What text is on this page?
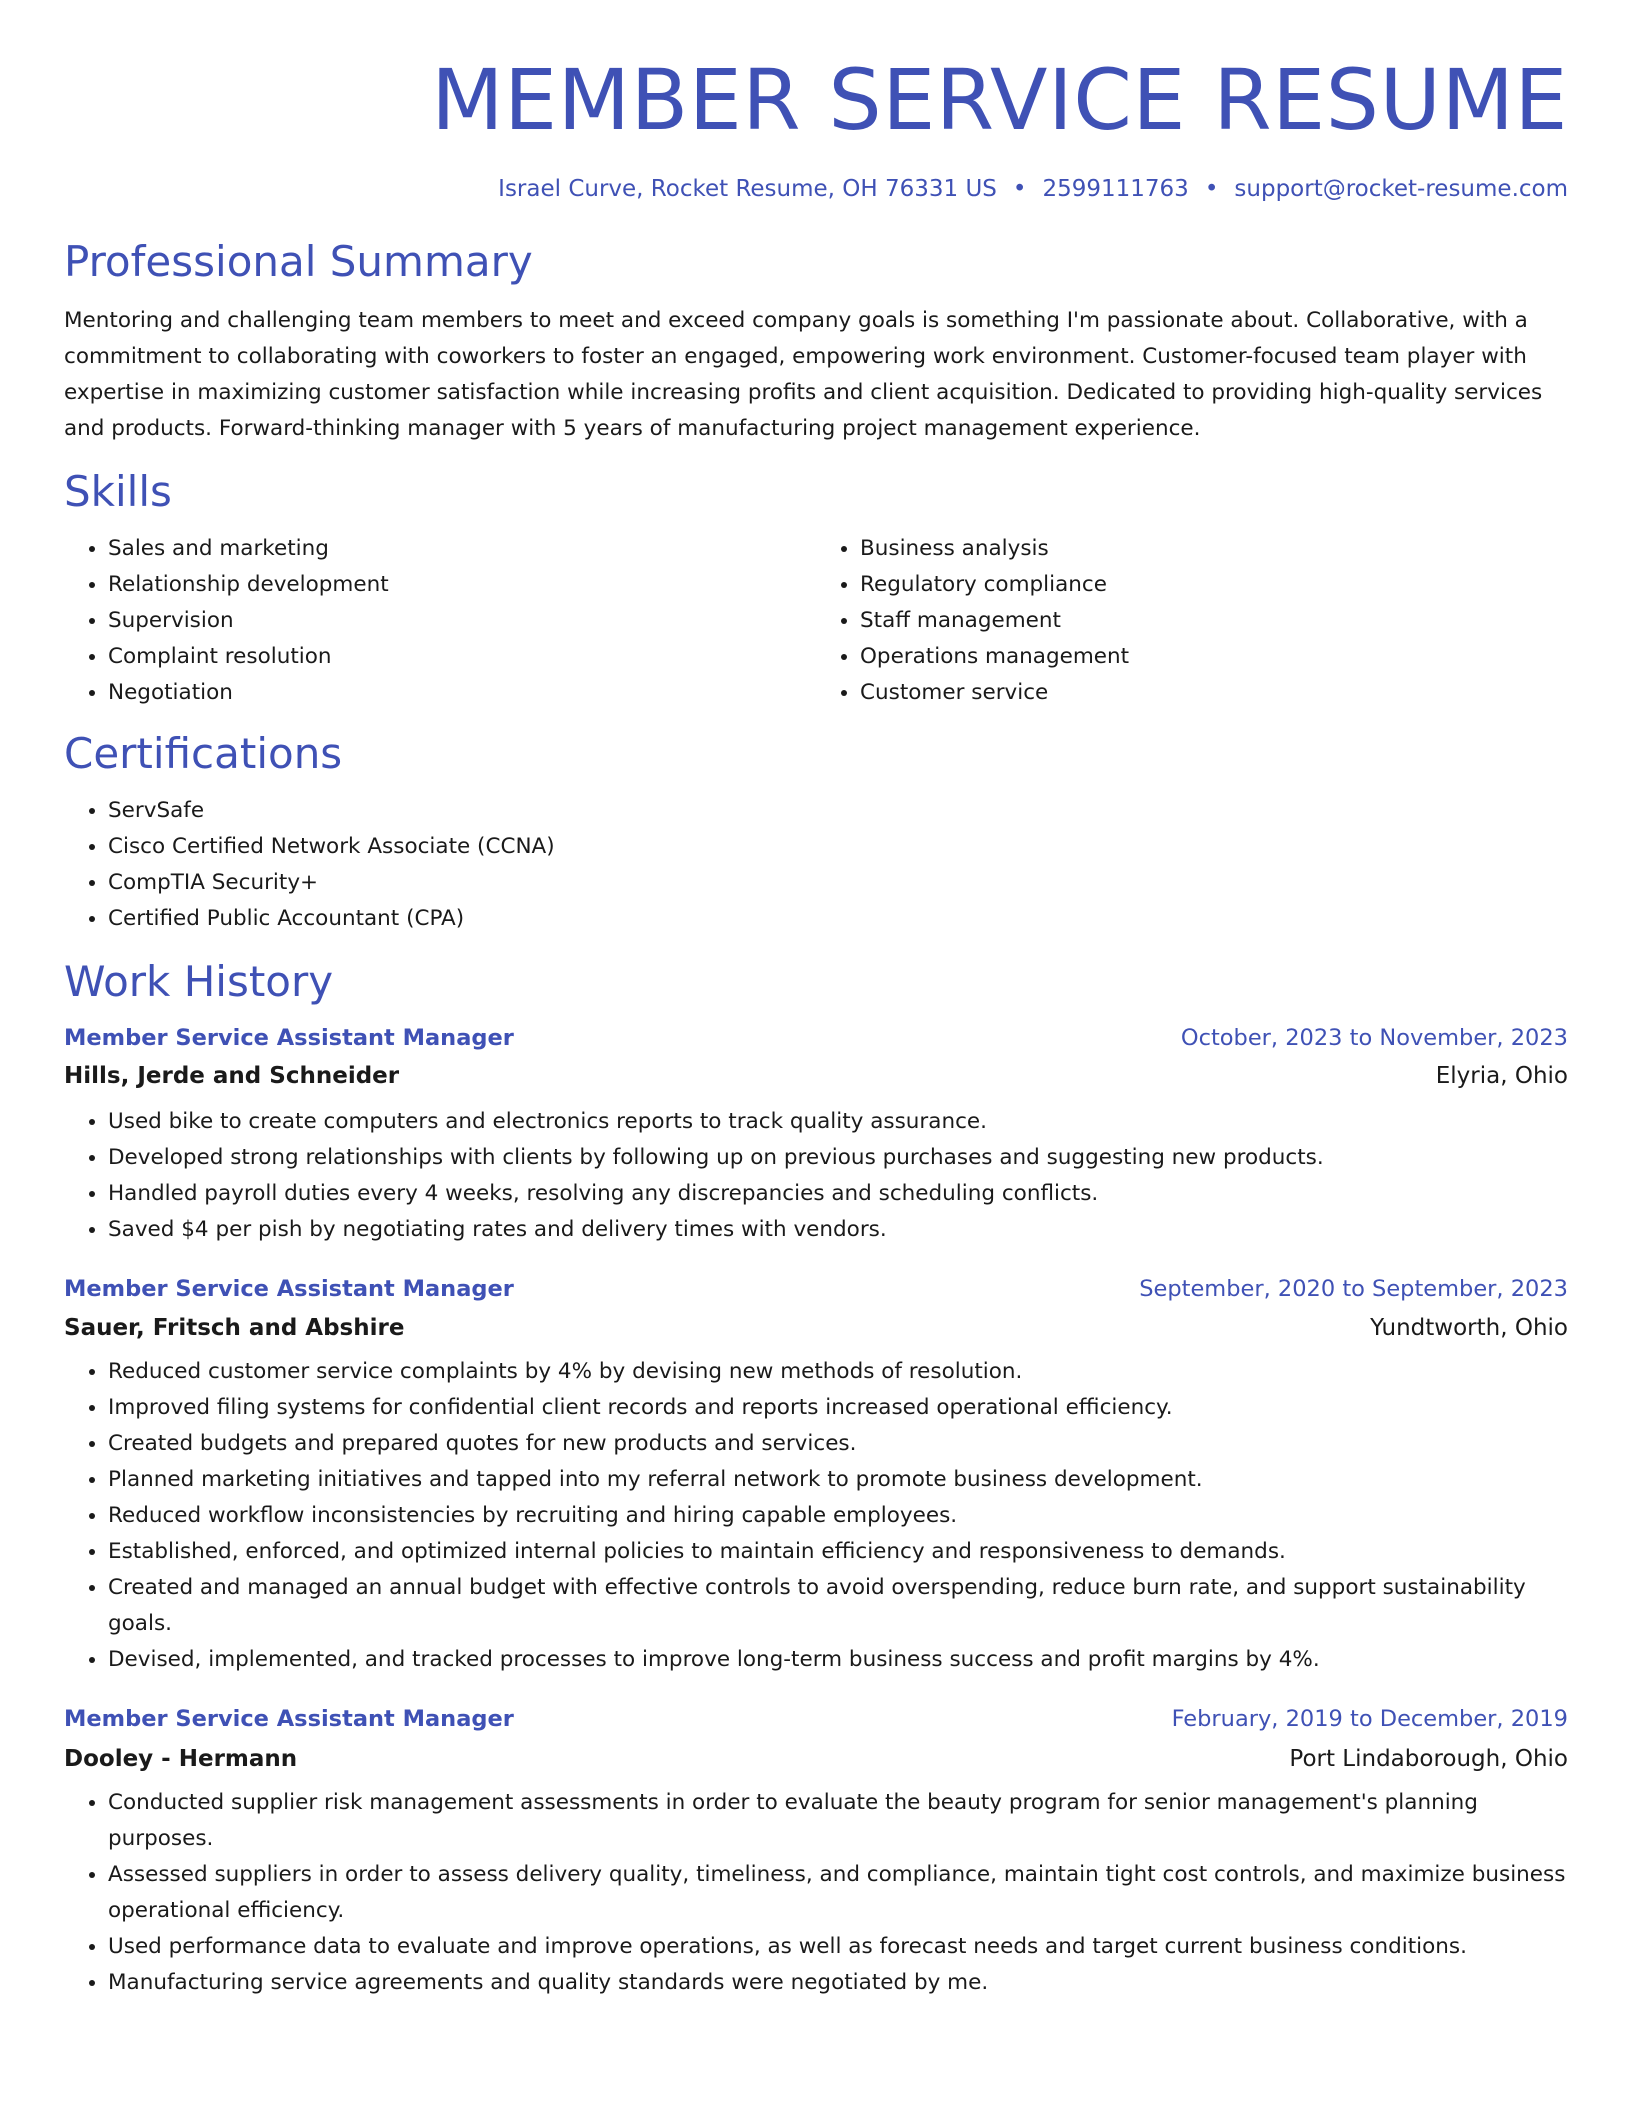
MEMBER SERVICE RESUME
Israel Curve, Rocket Resume, OH 76331 US • 2599111763 • support@rocket-resume.com
Professional Summary

Mentoring and challenging team members to meet and exceed company goals is something I'm passionate about. Collaborative, with a commitment to collaborating with coworkers to foster an engaged, empowering work environment. Customer-focused team player with expertise in maximizing customer satisfaction while increasing profits and client acquisition. Dedicated to providing high-quality services and products. Forward-thinking manager with 5 years of manufacturing project management experience.

Skills
• Sales and marketing
• Relationship development
• Supervision
• Complaint resolution
• Negotiation
• Business analysis
• Regulatory compliance
• Staff management
• Operations management
• Customer service
Certifications
• ServSafe
• Cisco Certified Network Associate (CCNA)
• CompTIA Security+
• Certified Public Accountant (CPA)
Work History
Member Service Assistant Manager	October, 2023 to November, 2023
Hills, Jerde and Schneider	Elyria, Ohio
• Used bike to create computers and electronics reports to track quality assurance.
• Developed strong relationships with clients by following up on previous purchases and suggesting new products.
• Handled payroll duties every 4 weeks, resolving any discrepancies and scheduling conflicts.
• Saved $4 per pish by negotiating rates and delivery times with vendors.
Member Service Assistant Manager	September, 2020 to September, 2023
Sauer, Fritsch and Abshire	Yundtworth, Ohio
• Reduced customer service complaints by 4% by devising new methods of resolution.
• Improved filing systems for confidential client records and reports increased operational efficiency.
• Created budgets and prepared quotes for new products and services.
• Planned marketing initiatives and tapped into my referral network to promote business development.
• Reduced workflow inconsistencies by recruiting and hiring capable employees.
• Established, enforced, and optimized internal policies to maintain efficiency and responsiveness to demands.
• Created and managed an annual budget with effective controls to avoid overspending, reduce burn rate, and support sustainability goals.
• Devised, implemented, and tracked processes to improve long-term business success and profit margins by 4%.
Member Service Assistant Manager	February, 2019 to December, 2019
Dooley - Hermann	Port Lindaborough, Ohio
• Conducted supplier risk management assessments in order to evaluate the beauty program for senior management's planning purposes.
• Assessed suppliers in order to assess delivery quality, timeliness, and compliance, maintain tight cost controls, and maximize business operational efficiency.
• Used performance data to evaluate and improve operations, as well as forecast needs and target current business conditions.
• Manufacturing service agreements and quality standards were negotiated by me.
